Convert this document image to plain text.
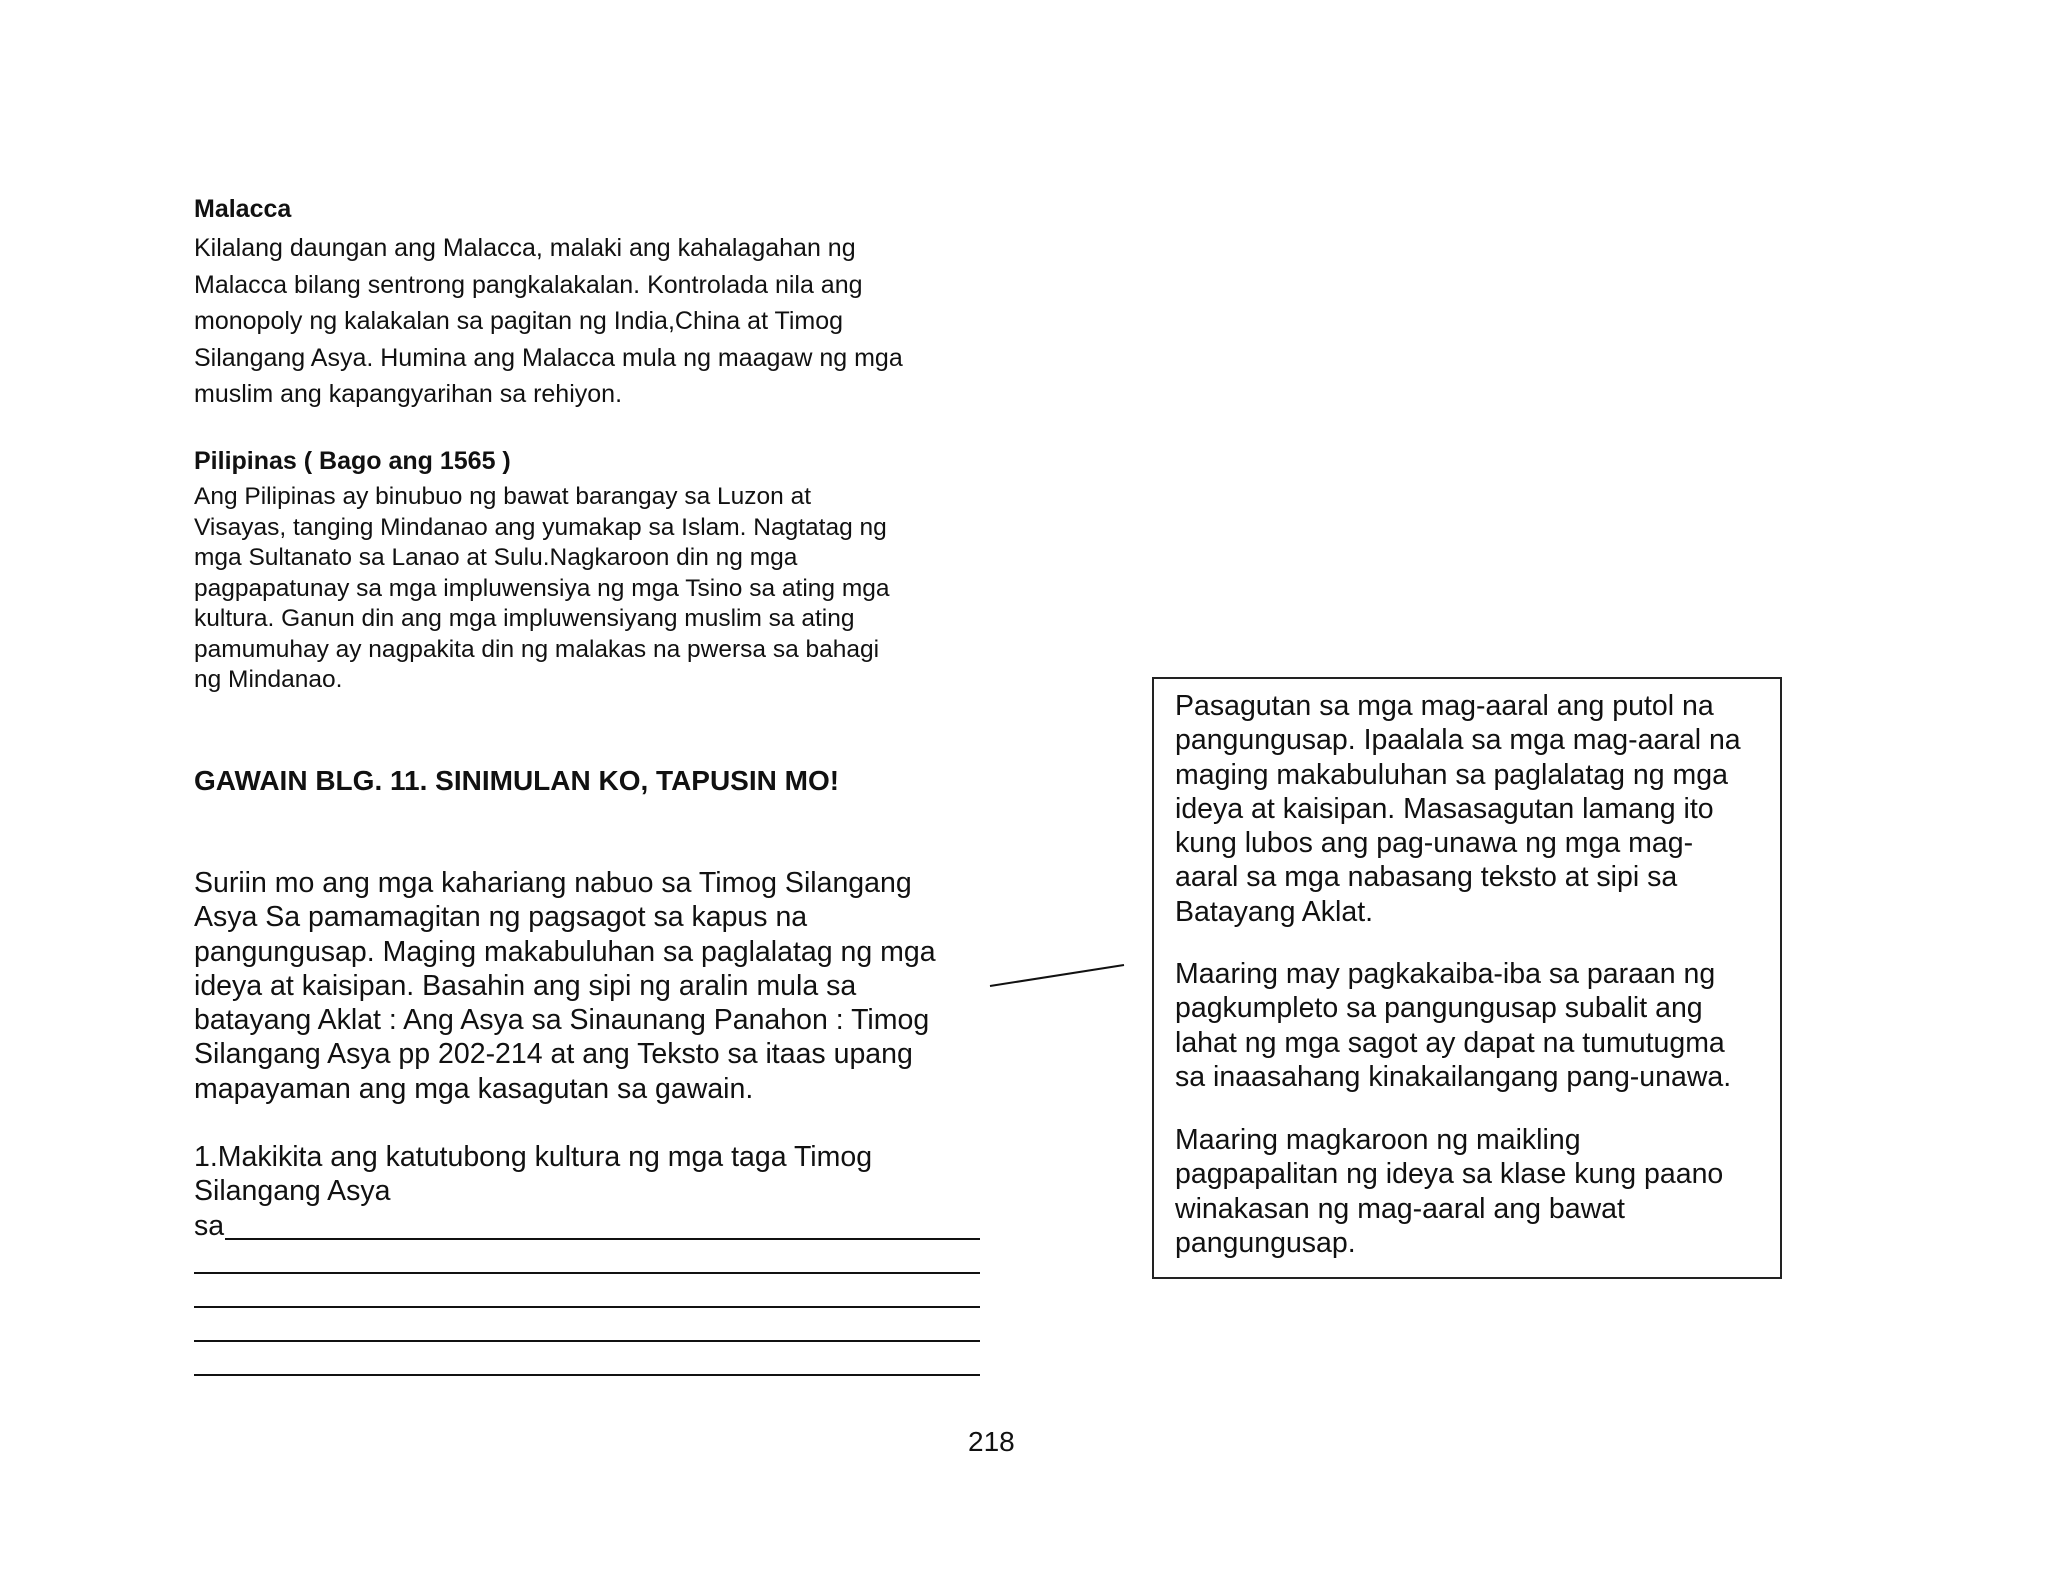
Malacca
Kilalang daungan ang Malacca, malaki ang kahalagahan ng
Malacca bilang sentrong pangkalakalan. Kontrolada nila ang
monopoly ng kalakalan sa pagitan ng India,China at Timog
Silangang Asya. Humina ang Malacca mula ng maagaw ng mga
muslim ang kapangyarihan sa rehiyon.
Pilipinas ( Bago ang 1565 )
Ang Pilipinas ay binubuo ng bawat barangay sa Luzon at
Visayas, tanging Mindanao ang yumakap sa Islam. Nagtatag ng
mga Sultanato sa Lanao at Sulu.Nagkaroon din ng mga
pagpapatunay sa mga impluwensiya ng mga Tsino sa ating mga
kultura. Ganun din ang mga impluwensiyang muslim sa ating
pamumuhay ay nagpakita din ng malakas na pwersa sa bahagi
ng Mindanao.
GAWAIN BLG. 11. SINIMULAN KO, TAPUSIN MO!
Suriin mo ang mga kahariang nabuo sa Timog Silangang
Asya Sa pamamagitan ng pagsagot sa kapus na
pangungusap. Maging makabuluhan sa paglalatag ng mga
ideya at kaisipan. Basahin ang sipi ng aralin mula sa
batayang Aklat : Ang Asya sa Sinaunang Panahon : Timog
Silangang Asya pp 202-214 at ang Teksto sa itaas upang
mapayaman ang mga kasagutan sa gawain.
1.Makikita ang katutubong kultura ng mga taga Timog
Silangang Asya
sa
Pasagutan sa mga mag-aaral ang putol na
pangungusap. Ipaalala sa mga mag-aaral na
maging makabuluhan sa paglalatag ng mga
ideya at kaisipan. Masasagutan lamang ito
kung lubos ang pag-unawa ng mga mag-
aaral sa mga nabasang teksto at sipi sa
Batayang Aklat.
Maaring may pagkakaiba-iba sa paraan ng
pagkumpleto sa pangungusap subalit ang
lahat ng mga sagot ay dapat na tumutugma
sa inaasahang kinakailangang pang-unawa.
Maaring magkaroon ng maikling
pagpapalitan ng ideya sa klase kung paano
winakasan ng mag-aaral ang bawat
pangungusap.
218
